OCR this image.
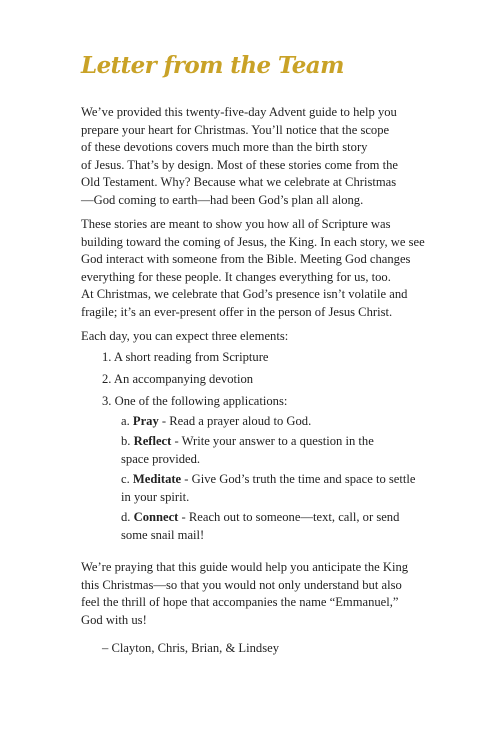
Letter from the Team
We’ve provided this twenty-five-day Advent guide to help you
prepare your heart for Christmas. You’ll notice that the scope
of these devotions covers much more than the birth story
of Jesus. That’s by design. Most of these stories come from the
Old Testament. Why? Because what we celebrate at Christmas
—God coming to earth—had been God’s plan all along.
These stories are meant to show you how all of Scripture was
building toward the coming of Jesus, the King. In each story, we see
God interact with someone from the Bible. Meeting God changes
everything for these people. It changes everything for us, too.
At Christmas, we celebrate that God’s presence isn’t volatile and
fragile; it’s an ever-present offer in the person of Jesus Christ.
Each day, you can expect three elements:
1. A short reading from Scripture
2. An accompanying devotion
3. One of the following applications:
a. Pray - Read a prayer aloud to God.
b. Reflect - Write your answer to a question in the
space provided.
c. Meditate - Give God’s truth the time and space to settle
in your spirit.
d. Connect - Reach out to someone—text, call, or send
some snail mail!
We’re praying that this guide would help you anticipate the King
this Christmas—so that you would not only understand but also
feel the thrill of hope that accompanies the name “Emmanuel,”
God with us!
– Clayton, Chris, Brian, & Lindsey
